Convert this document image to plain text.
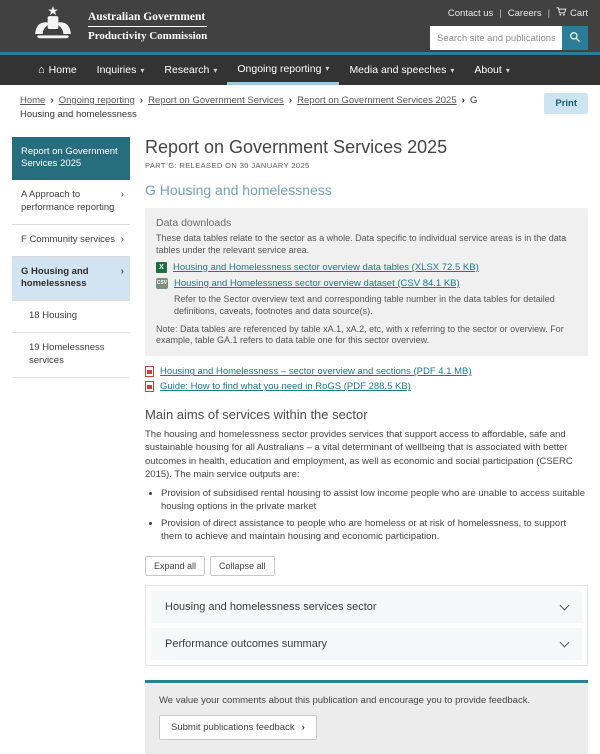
Australian Government
Productivity Commission
Contact us | Careers | Cart
Search site and publications
⌂ Home Inquiries ▾ Research ▾ Ongoing reporting ▾ Media and speeches ▾ About ▾
Home › Ongoing reporting › Report on Government Services › Report on Government Services 2025 › G Housing and homelessness
Print
Report on Government Services 2025
A Approach to performance reporting
›
F Community services ›
G Housing and homelessness
›
18 Housing
19 Homelessness services
Report on Government Services 2025
PART G: RELEASED ON 30 JANUARY 2025
G Housing and homelessness
Data downloads
These data tables relate to the sector as a whole. Data specific to individual service areas is in the data tables under the relevant service area.
X Housing and Homelessness sector overview data tables (XLSX 72.5 KB)
CSV Housing and Homelessness sector overview dataset (CSV 84.1 KB)
Refer to the Sector overview text and corresponding table number in the data tables for detailed definitions, caveats, footnotes and data source(s).
Note: Data tables are referenced by table xA.1, xA.2, etc, with x referring to the sector or overview. For example, table GA.1 refers to data table one for this sector overview.
Housing and Homelessness – sector overview and sections (PDF 4.1 MB)
Guide: How to find what you need in RoGS (PDF 288.5 KB)
Main aims of services within the sector
The housing and homelessness sector provides services that support access to affordable, safe and sustainable housing for all Australians – a vital determinant of wellbeing that is associated with better outcomes in health, education and employment, as well as economic and social participation (CSERC 2015). The main service outputs are:
• Provision of subsidised rental housing to assist low income people who are unable to access suitable housing options in the private market
• Provision of direct assistance to people who are homeless or at risk of homelessness, to support them to achieve and maintain housing and economic participation.
Expand all	Collapse all
Housing and homelessness services sector
Performance outcomes summary
We value your comments about this publication and encourage you to provide feedback.
Submit publications feedback ›
